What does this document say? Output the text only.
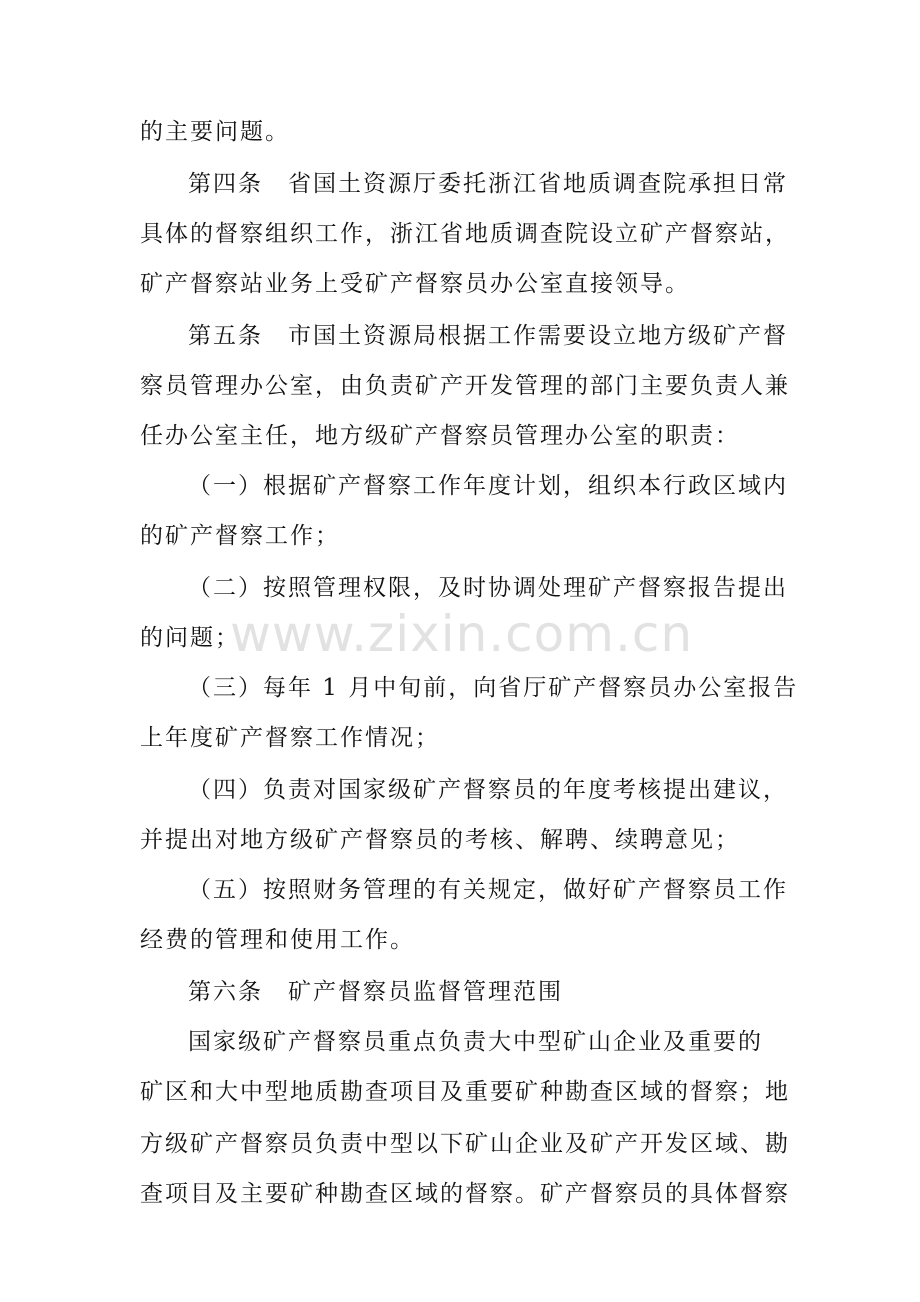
的主要问题。
第四条　省国土资源厅委托浙江省地质调查院承担日常
具体的督察组织工作，浙江省地质调查院设立矿产督察站，
矿产督察站业务上受矿产督察员办公室直接领导。
第五条　市国土资源局根据工作需要设立地方级矿产督
察员管理办公室，由负责矿产开发管理的部门主要负责人兼
任办公室主任，地方级矿产督察员管理办公室的职责：
（一）根据矿产督察工作年度计划，组织本行政区域内
的矿产督察工作；
（二）按照管理权限，及时协调处理矿产督察报告提出
的问题；
（三）每年 1 月中旬前，向省厅矿产督察员办公室报告
上年度矿产督察工作情况；
（四）负责对国家级矿产督察员的年度考核提出建议，
并提出对地方级矿产督察员的考核、解聘、续聘意见；
（五）按照财务管理的有关规定，做好矿产督察员工作
经费的管理和使用工作。
第六条　矿产督察员监督管理范围
国家级矿产督察员重点负责大中型矿山企业及重要的
矿区和大中型地质勘查项目及重要矿种勘查区域的督察；地
方级矿产督察员负责中型以下矿山企业及矿产开发区域、勘
查项目及主要矿种勘查区域的督察。矿产督察员的具体督察
www.zixin.com.cn
